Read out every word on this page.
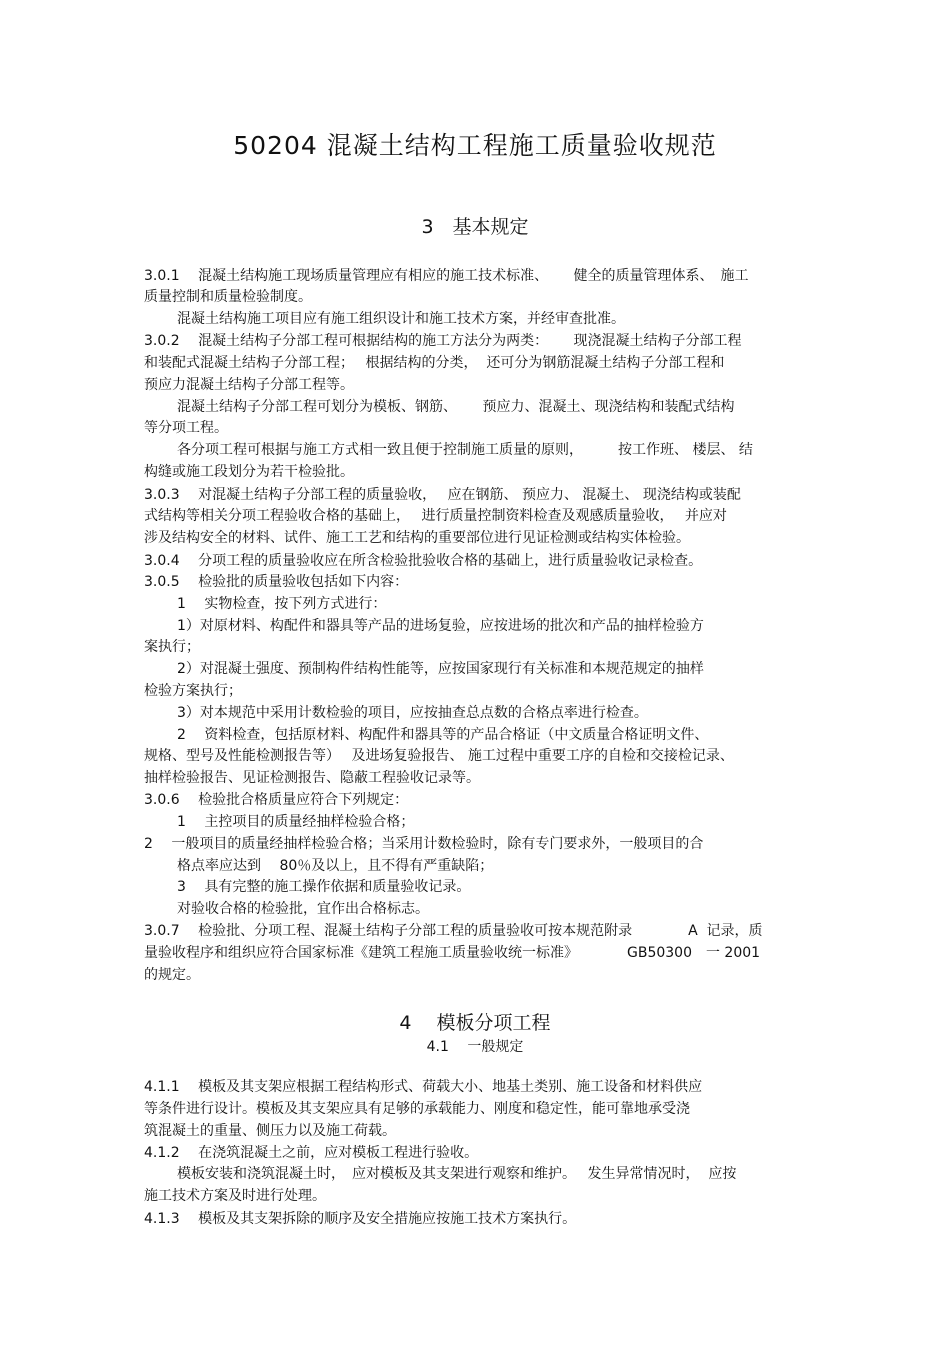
50204 混凝土结构工程施工质量验收规范
3　基本规定
3.0.1　 混凝土结构施工现场质量管理应有相应的施工技术标准、　　 健全的质量管理体系、　施工
质量控制和质量检验制度。
混凝土结构施工项目应有施工组织设计和施工技术方案，并经审查批准。
3.0.2　 混凝土结构子分部工程可根据结构的施工方法分为两类：　　 现浇混凝土结构子分部工程
和装配式混凝土结构子分部工程；　 根据结构的分类，  还可分为钢筋混凝土结构子分部工程和
预应力混凝土结构子分部工程等。
混凝土结构子分部工程可划分为模板、钢筋、　　 预应力、混凝土、现浇结构和装配式结构
等分项工程。
各分项工程可根据与施工方式相一致且便于控制施工质量的原则，　　　按工作班、 楼层、 结
构缝或施工段划分为若干检验批。
3.0.3　 对混凝土结构子分部工程的质量验收，　 应在钢筋、 预应力、 混凝土、 现浇结构或装配
式结构等相关分项工程验收合格的基础上，　 进行质量控制资料检查及观感质量验收，　 并应对
涉及结构安全的材料、试件、施工工艺和结构的重要部位进行见证检测或结构实体检验。
3.0.4　 分项工程的质量验收应在所含检验批验收合格的基础上，进行质量验收记录检查。
3.0.5　 检验批的质量验收包括如下内容：
1　 实物检查，按下列方式进行：
1）对原材料、构配件和器具等产品的进场复验，应按进场的批次和产品的抽样检验方
案执行；
2）对混凝土强度、预制构件结构性能等，应按国家现行有关标准和本规范规定的抽样
检验方案执行；
3）对本规范中采用计数检验的项目，应按抽查总点数的合格点率进行检查。
2　 资料检查，包括原材料、构配件和器具等的产品合格证（中文质量合格证明文件、
规格、型号及性能检测报告等）　 及进场复验报告、 施工过程中重要工序的自检和交接检记录、
抽样检验报告、见证检测报告、隐蔽工程验收记录等。
3.0.6　 检验批合格质量应符合下列规定：
1　 主控项目的质量经抽样检验合格；
2　 一般项目的质量经抽样检验合格；当采用计数检验时，除有专门要求外，一般项目的合
格点率应达到　 80％及以上，且不得有严重缺陷；
3　 具有完整的施工操作依据和质量验收记录。
对验收合格的检验批，宜作出合格标志。
3.0.7　 检验批、分项工程、混凝土结构子分部工程的质量验收可按本规范附录　　　　A  记录，质
量验收程序和组织应符合国家标准《建筑工程施工质量验收统一标准》　　　　GB50300　一 2001
的规定。
4　 模板分项工程
4.1　 一般规定
4.1.1　 模板及其支架应根据工程结构形式、荷载大小、地基土类别、施工设备和材料供应
等条件进行设计。模板及其支架应具有足够的承载能力、刚度和稳定性，能可靠地承受浇
筑混凝土的重量、侧压力以及施工荷载。
4.1.2　 在浇筑混凝土之前，应对模板工程进行验收。
模板安装和浇筑混凝土时，　应对模板及其支架进行观察和维护。　 发生异常情况时，  应按
施工技术方案及时进行处理。
4.1.3　 模板及其支架拆除的顺序及安全措施应按施工技术方案执行。
